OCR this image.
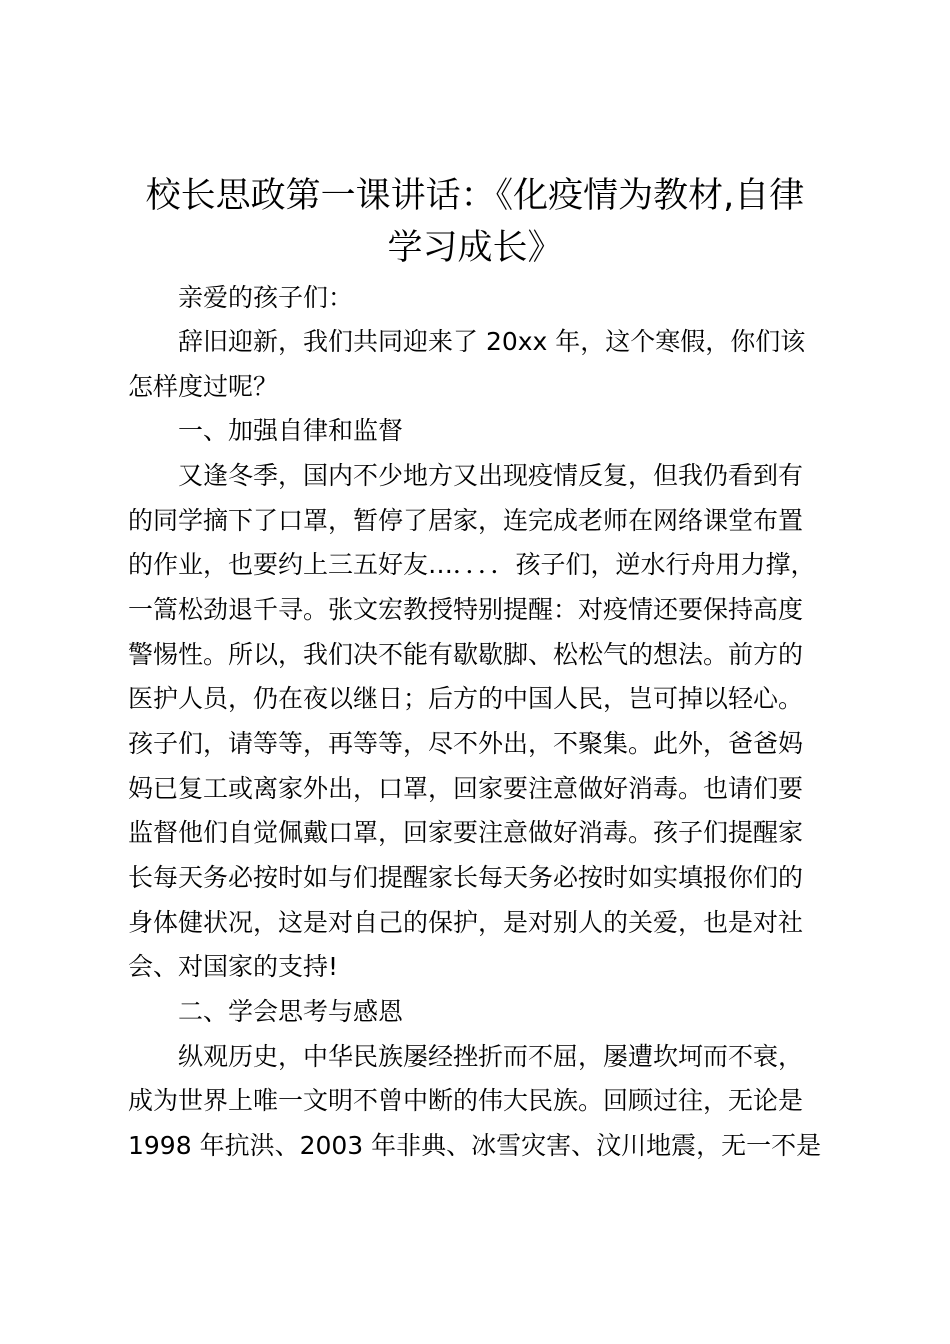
校长思政第一课讲话：《化疫情为教材,自律
学习成长》
亲爱的孩子们：
辞旧迎新，我们共同迎来了 20xx 年，这个寒假，你们该
怎样度过呢？
一、加强自律和监督
又逢冬季，国内不少地方又出现疫情反复，但我仍看到有
的同学摘下了口罩，暂停了居家，连完成老师在网络课堂布置
的作业，也要约上三五好友…．．．．孩子们，逆水行舟用力撑，
一篙松劲退千寻。张文宏教授特别提醒：对疫情还要保持高度
警惕性。所以，我们决不能有歇歇脚、松松气的想法。前方的
医护人员，仍在夜以继日；后方的中国人民，岂可掉以轻心。
孩子们，请等等，再等等，尽不外出，不聚集。此外，爸爸妈
妈已复工或离家外出，口罩，回家要注意做好消毒。也请们要
监督他们自觉佩戴口罩，回家要注意做好消毒。孩子们提醒家
长每天务必按时如与们提醒家长每天务必按时如实填报你们的
身体健状况，这是对自己的保护，是对别人的关爱，也是对社
会、对国家的支持!
二、学会思考与感恩
纵观历史，中华民族屡经挫折而不屈，屡遭坎坷而不衰，
成为世界上唯一文明不曾中断的伟大民族。回顾过往，无论是
1998 年抗洪、2003 年非典、冰雪灾害、汶川地震，无一不是
